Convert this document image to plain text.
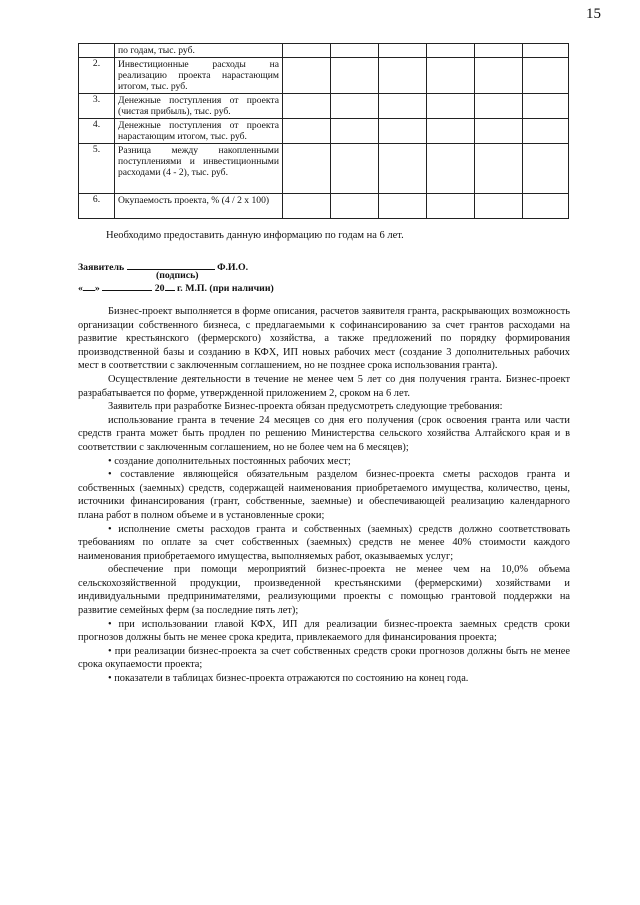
15
	по годам, тыс. руб.						
2.	Инвестиционные расходы на реализацию проекта нарастающим итогом, тыс. руб.						
3.	Денежные поступления от проекта (чистая прибыль), тыс. руб.						
4.	Денежные поступления от проекта нарастающим итогом, тыс. руб.						
5.	Разница между накопленными поступлениями и инвестиционными расходами (4 - 2), тыс. руб.						
6.	Окупаемость проекта, % (4 / 2 х 100)						
Необходимо предоставить данную информацию по годам на 6 лет.
Заявитель	Ф.И.О.
(подпись)
« »	20 г. М.П. (при наличии)

Бизнес-проект выполняется в форме описания, расчетов заявителя гранта, раскрывающих возможность организации собственного бизнеса, с предлагаемыми к софинансированию за счет грантов расходами на развитие крестьянского (фермерского) хозяйства, а также предложений по порядку формирования производственной базы и созданию в КФХ, ИП новых рабочих мест (создание 3 дополнительных рабочих мест в соответствии с заключенным соглашением, но не позднее срока использования гранта).

Осуществление деятельности в течение не менее чем 5 лет со дня получения гранта. Бизнес-проект разрабатывается по форме, утвержденной приложением 2, сроком на 6 лет.

Заявитель при разработке Бизнес-проекта обязан предусмотреть следующие требования:

использование гранта в течение 24 месяцев со дня его получения (срок освоения гранта или части средств гранта может быть продлен по решению Министерства сельского хозяйства Алтайского края и в соответствии с заключенным соглашением, но не более чем на 6 месяцев);

• создание дополнительных постоянных рабочих мест;

• составление являющейся обязательным разделом бизнес-проекта сметы расходов гранта и собственных (заемных) средств, содержащей наименования приобретаемого имущества, количество, цены, источники финансирования (грант, собственные, заемные) и обеспечивающей реализацию календарного плана работ в полном объеме и в установленные сроки;

• исполнение сметы расходов гранта и собственных (заемных) средств должно соответствовать требованиям по оплате за счет собственных (заемных) средств не менее 40% стоимости каждого наименования приобретаемого имущества, выполняемых работ, оказываемых услуг;

обеспечение при помощи мероприятий бизнес-проекта не менее чем на 10,0% объема сельскохозяйственной продукции, произведенной крестьянскими (фермерскими) хозяйствами и индивидуальными предпринимателями, реализующими проекты с помощью грантовой поддержки на развитие семейных ферм (за последние пять лет);

• при использовании главой КФХ, ИП для реализации бизнес-проекта заемных средств сроки прогнозов должны быть не менее срока кредита, привлекаемого для финансирования проекта;

• при реализации бизнес-проекта за счет собственных средств сроки прогнозов должны быть не менее срока окупаемости проекта;

• показатели в таблицах бизнес-проекта отражаются по состоянию на конец года.
